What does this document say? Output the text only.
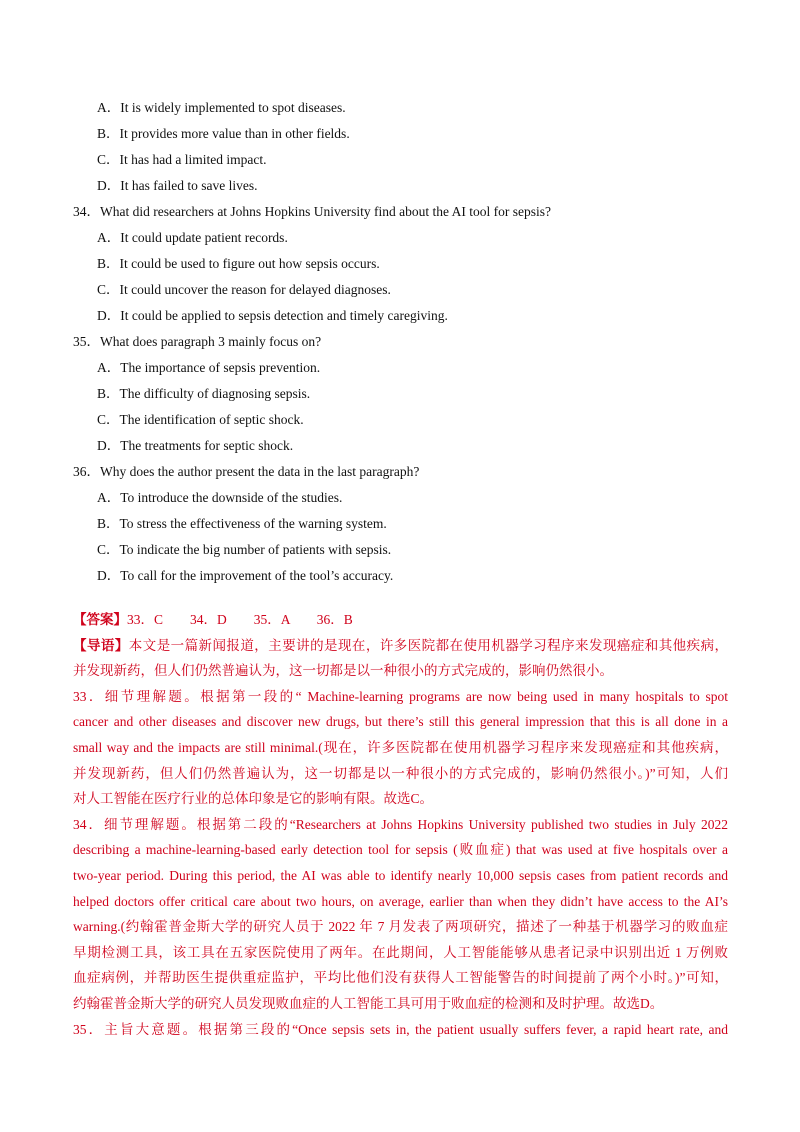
A．It is widely implemented to spot diseases.
B．It provides more value than in other fields.
C．It has had a limited impact.
D．It has failed to save lives.
34．What did researchers at Johns Hopkins University find about the AI tool for sepsis?
A．It could update patient records.
B．It could be used to figure out how sepsis occurs.
C．It could uncover the reason for delayed diagnoses.
D．It could be applied to sepsis detection and timely caregiving.
35．What does paragraph 3 mainly focus on?
A．The importance of sepsis prevention.
B．The difficulty of diagnosing sepsis.
C．The identification of septic shock.
D．The treatments for septic shock.
36．Why does the author present the data in the last paragraph?
A．To introduce the downside of the studies.
B．To stress the effectiveness of the warning system.
C．To indicate the big number of patients with sepsis.
D．To call for the improvement of the tool’s accuracy.
【答案】33．C　　34．D　　35．A　　36．B
【导语】本文是一篇新闻报道，主要讲的是现在，许多医院都在使用机器学习程序来发现癌症和其他疾病，
并发现新药，但人们仍然普遍认为，这一切都是以一种很小的方式完成的，影响仍然很小。
33．细节理解题。根据第一段的“ Machine-learning programs are now being used in many hospitals to spot
cancer and other diseases and discover new drugs, but there’s still this general impression that this is all done in a
small way and the impacts are still minimal.(现在，许多医院都在使用机器学习程序来发现癌症和其他疾病，
并发现新药，但人们仍然普遍认为，这一切都是以一种很小的方式完成的，影响仍然很小。)”可知，人们
对人工智能在医疗行业的总体印象是它的影响有限。故选C。
34．细节理解题。根据第二段的“Researchers at Johns Hopkins University published two studies in July 2022
describing a machine-learning-based early detection tool for sepsis (败血症) that was used at five hospitals over a
two-year period. During this period, the AI was able to identify nearly 10,000 sepsis cases from patient records and
helped doctors offer critical care about two hours, on average, earlier than when they didn’t have access to the AI’s
warning.(约翰霍普金斯大学的研究人员于 2022 年 7 月发表了两项研究，描述了一种基于机器学习的败血症
早期检测工具，该工具在五家医院使用了两年。在此期间，人工智能能够从患者记录中识别出近 1 万例败
血症病例，并帮助医生提供重症监护，平均比他们没有获得人工智能警告的时间提前了两个小时。)”可知，
约翰霍普金斯大学的研究人员发现败血症的人工智能工具可用于败血症的检测和及时护理。故选D。
35．主旨大意题。根据第三段的“Once sepsis sets in, the patient usually suffers fever, a rapid heart rate, and
